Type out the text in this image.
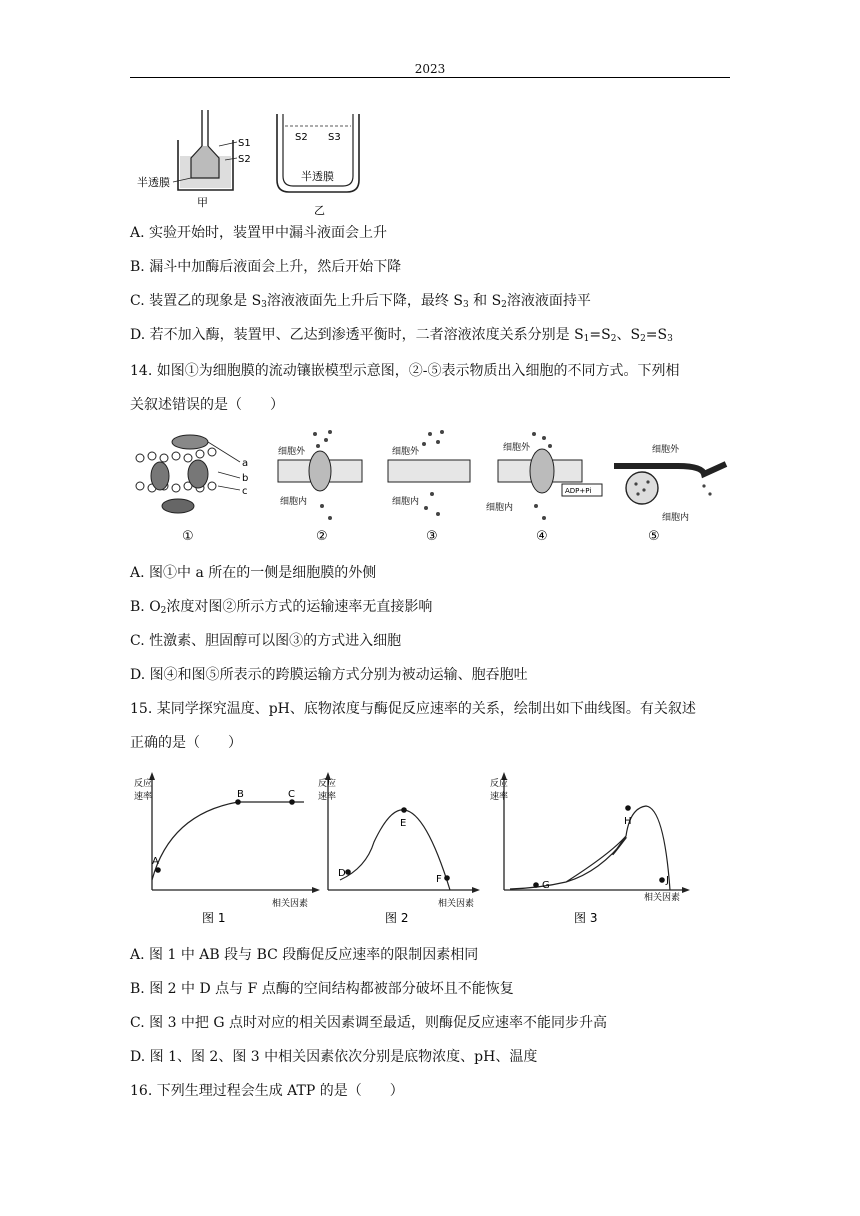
2023
S1
S2
半透膜
甲
S2 S3
半透膜
乙
A. 实验开始时，装置甲中漏斗液面会上升
B. 漏斗中加酶后液面会上升，然后开始下降
C. 装置乙的现象是 $S_3$溶液液面先上升后下降，最终 $S_3$ 和 $S_2$溶液液面持平
D. 若不加入酶，装置甲、乙达到渗透平衡时，二者溶液浓度关系分别是 $S_1=S_2$、$S_2=S_3$
14. 如图①为细胞膜的流动镶嵌模型示意图，②-⑤表示物质出入细胞的不同方式。下列相
关叙述错误的是（　　）
a
b
c
①
细胞外
细胞内
②
细胞外
细胞内
③
细胞外
细胞内
ADP+Pi
④
细胞外
细胞内
⑤
A. 图①中 a 所在的一侧是细胞膜的外侧
B. $O_2$浓度对图②所示方式的运输速率无直接影响
C. 性激素、胆固醇可以图③的方式进入细胞
D. 图④和图⑤所表示的跨膜运输方式分别为被动运输、胞吞胞吐
15. 某同学探究温度、pH、底物浓度与酶促反应速率的关系，绘制出如下曲线图。有关叙述
正确的是（　　）
A
B	C
反应
速率
相关因素
图 1
D
E
F
反应
速率
相关因素
图 2
G
H
J
反应
速率
相关因素
图 3
A. 图 1 中 AB 段与 BC 段酶促反应速率的限制因素相同
B. 图 2 中 D 点与 F 点酶的空间结构都被部分破坏且不能恢复
C. 图 3 中把 G 点时对应的相关因素调至最适，则酶促反应速率不能同步升高
D. 图 1、图 2、图 3 中相关因素依次分别是底物浓度、pH、温度
16. 下列生理过程会生成 ATP 的是（　　）
